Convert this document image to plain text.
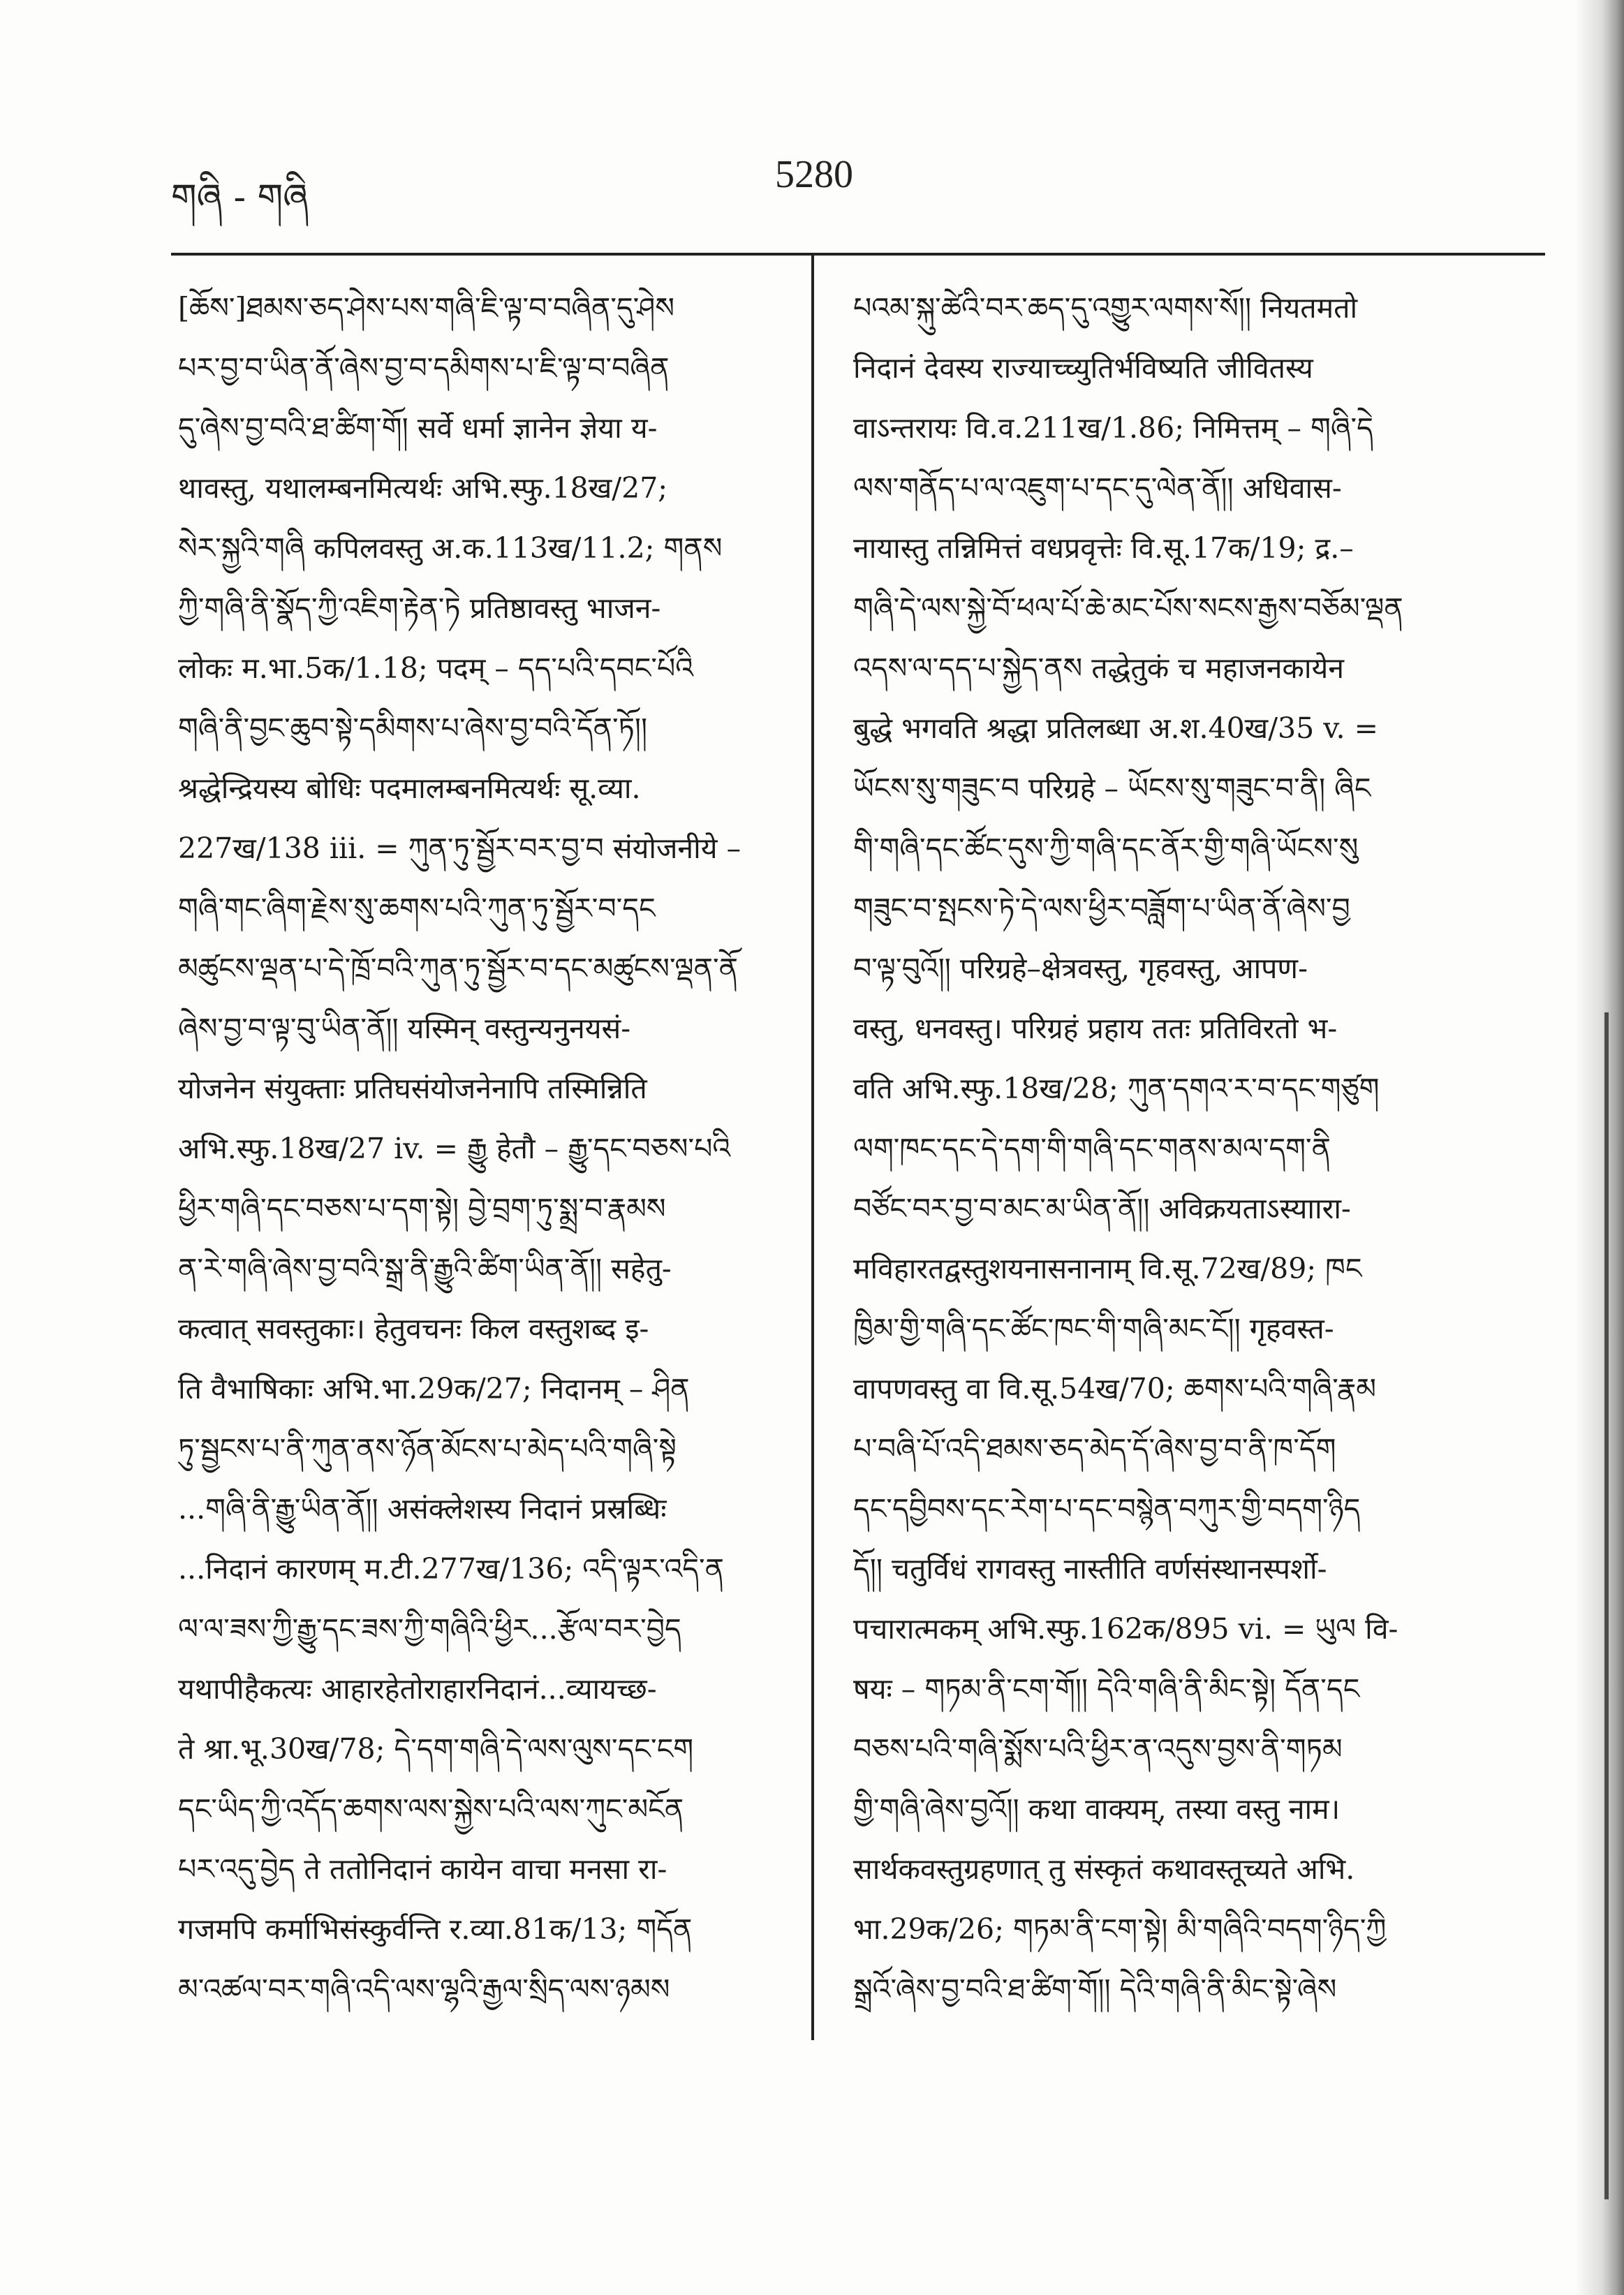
གཞི - གཞི
5280
[ཆོས་]ཐམས་ཅད་ཤེས་པས་གཞི་ཇི་ལྟ་བ་བཞིན་དུ་ཤེས
པར་བྱ་བ་ཡིན་ནོ་ཞེས་བྱ་བ་དམིགས་པ་ཇི་ལྟ་བ་བཞིན
དུ་ཞེས་བྱ་བའི་ཐ་ཚིག་གོ། सर्वे धर्मा ज्ञानेन ज्ञेया य-
थावस्तु, यथालम्बनमित्यर्थः अभि.स्फु.18ख/27;
སེར་སྐྱའི་གཞི कपिलवस्तु अ.क.113ख/11.2; གནས
ཀྱི་གཞི་ནི་སྣོད་ཀྱི་འཇིག་རྟེན་ཏེ प्रतिष्ठावस्तु भाजन-
लोकः म.भा.5क/1.18; पदम् – དད་པའི་དབང་པོའི
གཞི་ནི་བྱང་ཆུབ་སྟེ་དམིགས་པ་ཞེས་བྱ་བའི་དོན་ཏོ།།
श्रद्धेन्द्रियस्य बोधिः पदमालम्बनमित्यर्थः सू.व्या.
227ख/138 iii. = ཀུན་ཏུ་སྦྱོར་བར་བྱ་བ संयोजनीये –
གཞི་གང་ཞིག་རྗེས་སུ་ཆགས་པའི་ཀུན་ཏུ་སྦྱོར་བ་དང
མཚུངས་ལྡན་པ་དེ་ཁྲོ་བའི་ཀུན་ཏུ་སྦྱོར་བ་དང་མཚུངས་ལྡན་ནོ
ཞེས་བྱ་བ་ལྟ་བུ་ཡིན་ནོ།། यस्मिन् वस्तुन्यनुनयसं-
योजनेन संयुक्ताः प्रतिघसंयोजनेनापि तस्मिन्निति
अभि.स्फु.18ख/27 iv. = རྒྱུ हेतौ – རྒྱུ་དང་བཅས་པའི
ཕྱིར་གཞི་དང་བཅས་པ་དག་སྟེ། བྱེ་བྲག་ཏུ་སྨྲ་བ་རྣམས
ན་རེ་གཞི་ཞེས་བྱ་བའི་སྒྲ་ནི་རྒྱུའི་ཚིག་ཡིན་ནོ།། सहेतु-
कत्वात् सवस्तुकाः। हेतुवचनः किल वस्तुशब्द इ-
ति वैभाषिकाः अभि.भा.29क/27; निदानम् – ཤིན
ཏུ་སྦྱངས་པ་ནི་ཀུན་ནས་ཉོན་མོངས་པ་མེད་པའི་གཞི་སྟེ
...གཞི་ནི་རྒྱུ་ཡིན་ནོ།། असंक्लेशस्य निदानं प्रस्रब्धिः
...निदानं कारणम् म.टी.277ख/136; འདི་ལྟར་འདི་ན
ལ་ལ་ཟས་ཀྱི་རྒྱུ་དང་ཟས་ཀྱི་གཞིའི་ཕྱིར...རྩོལ་བར་བྱེད
यथापीहैकत्यः आहारहेतोराहारनिदानं...व्यायच्छ-
ते श्रा.भू.30ख/78; དེ་དག་གཞི་དེ་ལས་ལུས་དང་ངག
དང་ཡིད་ཀྱི་འདོད་ཆགས་ལས་སྐྱེས་པའི་ལས་ཀུང་མངོན
པར་འདུ་བྱེད ते ततोनिदानं कायेन वाचा मनसा रा-
गजमपि कर्माभिसंस्कुर्वन्ति र.व्या.81क/13; གདོན
མ་འཚལ་བར་གཞི་འདི་ལས་ལྷའི་རྒྱལ་སྲིད་ལས་ཉམས
པའམ་སྐུ་ཚེའི་བར་ཆད་དུ་འགྱུར་ལགས་སོ།། नियतमतो
निदानं देवस्य राज्याच्च्युतिर्भविष्यति जीवितस्य
वाऽन्तरायः वि.व.211ख/1.86; निमित्तम् – གཞི་དེ
ལས་གནོད་པ་ལ་འཇུག་པ་དང་དུ་ལེན་ནོ།། अधिवास-
नायास्तु तन्निमित्तं वधप्रवृत्तेः वि.सू.17क/19; द्र.–
གཞི་དེ་ལས་སྐྱེ་བོ་ཕལ་པོ་ཆེ་མང་པོས་སངས་རྒྱས་བཅོམ་ལྡན
འདས་ལ་དད་པ་སྐྱེད་ནས तद्धेतुकं च महाजनकायेन
बुद्धे भगवति श्रद्धा प्रतिलब्धा अ.श.40ख/35 v. =
ཡོངས་སུ་གཟུང་བ परिग्रहे – ཡོངས་སུ་གཟུང་བ་ནི། ཞིང
གི་གཞི་དང་ཚོང་དུས་ཀྱི་གཞི་དང་ནོར་གྱི་གཞི་ཡོངས་སུ
གཟུང་བ་སྤངས་ཏེ་དེ་ལས་ཕྱིར་བཟློག་པ་ཡིན་ནོ་ཞེས་བྱ
བ་ལྟ་བུའོ།། परिग्रहे–क्षेत्रवस्तु, गृहवस्तु, आपण-
वस्तु, धनवस्तु। परिग्रहं प्रहाय ततः प्रतिविरतो भ-
वति अभि.स्फु.18ख/28; ཀུན་དགའ་ར་བ་དང་གཙུག
ལག་ཁང་དང་དེ་དག་གི་གཞི་དང་གནས་མལ་དག་ནི
བཙོང་བར་བྱ་བ་མང་མ་ཡིན་ནོ།། अविक्रयताऽस्याारा-
मविहारतद्वस्तुशयनासनानाम् वि.सू.72ख/89; ཁང
ཁྱིམ་གྱི་གཞི་དང་ཚོང་ཁང་གི་གཞི་མང་ངོ།། गृहवस्त-
वापणवस्तु वा वि.सू.54ख/70; ཆགས་པའི་གཞི་རྣམ
པ་བཞི་པོ་འདི་ཐམས་ཅད་མེད་དོ་ཞེས་བྱ་བ་ནི་ཁ་དོག
དང་དབྱིབས་དང་རེག་པ་དང་བསྙེན་བཀུར་གྱི་བདག་ཉིད
དོ།། चतुर्विधं रागवस्तु नास्तीति वर्णसंस्थानस्पर्शो-
पचारात्मकम् अभि.स्फु.162क/895 vi. = ཡུལ वि-
षयः – གཏམ་ནི་ངག་གོ།། དེའི་གཞི་ནི་མིང་སྟེ། དོན་དང
བཅས་པའི་གཞི་སྨོས་པའི་ཕྱིར་ན་འདུས་བྱས་ནི་གཏམ
གྱི་གཞི་ཞེས་བྱའོ།། कथा वाक्यम्, तस्या वस्तु नाम।
सार्थकवस्तुग्रहणात् तु संस्कृतं कथावस्तूच्यते अभि.
भा.29क/26; གཏམ་ནི་ངག་སྟེ། མི་གཞིའི་བདག་ཉིད་ཀྱི
སྒྲའོ་ཞེས་བྱ་བའི་ཐ་ཚིག་གོ།། དེའི་གཞི་ནི་མིང་སྟེ་ཞེས
